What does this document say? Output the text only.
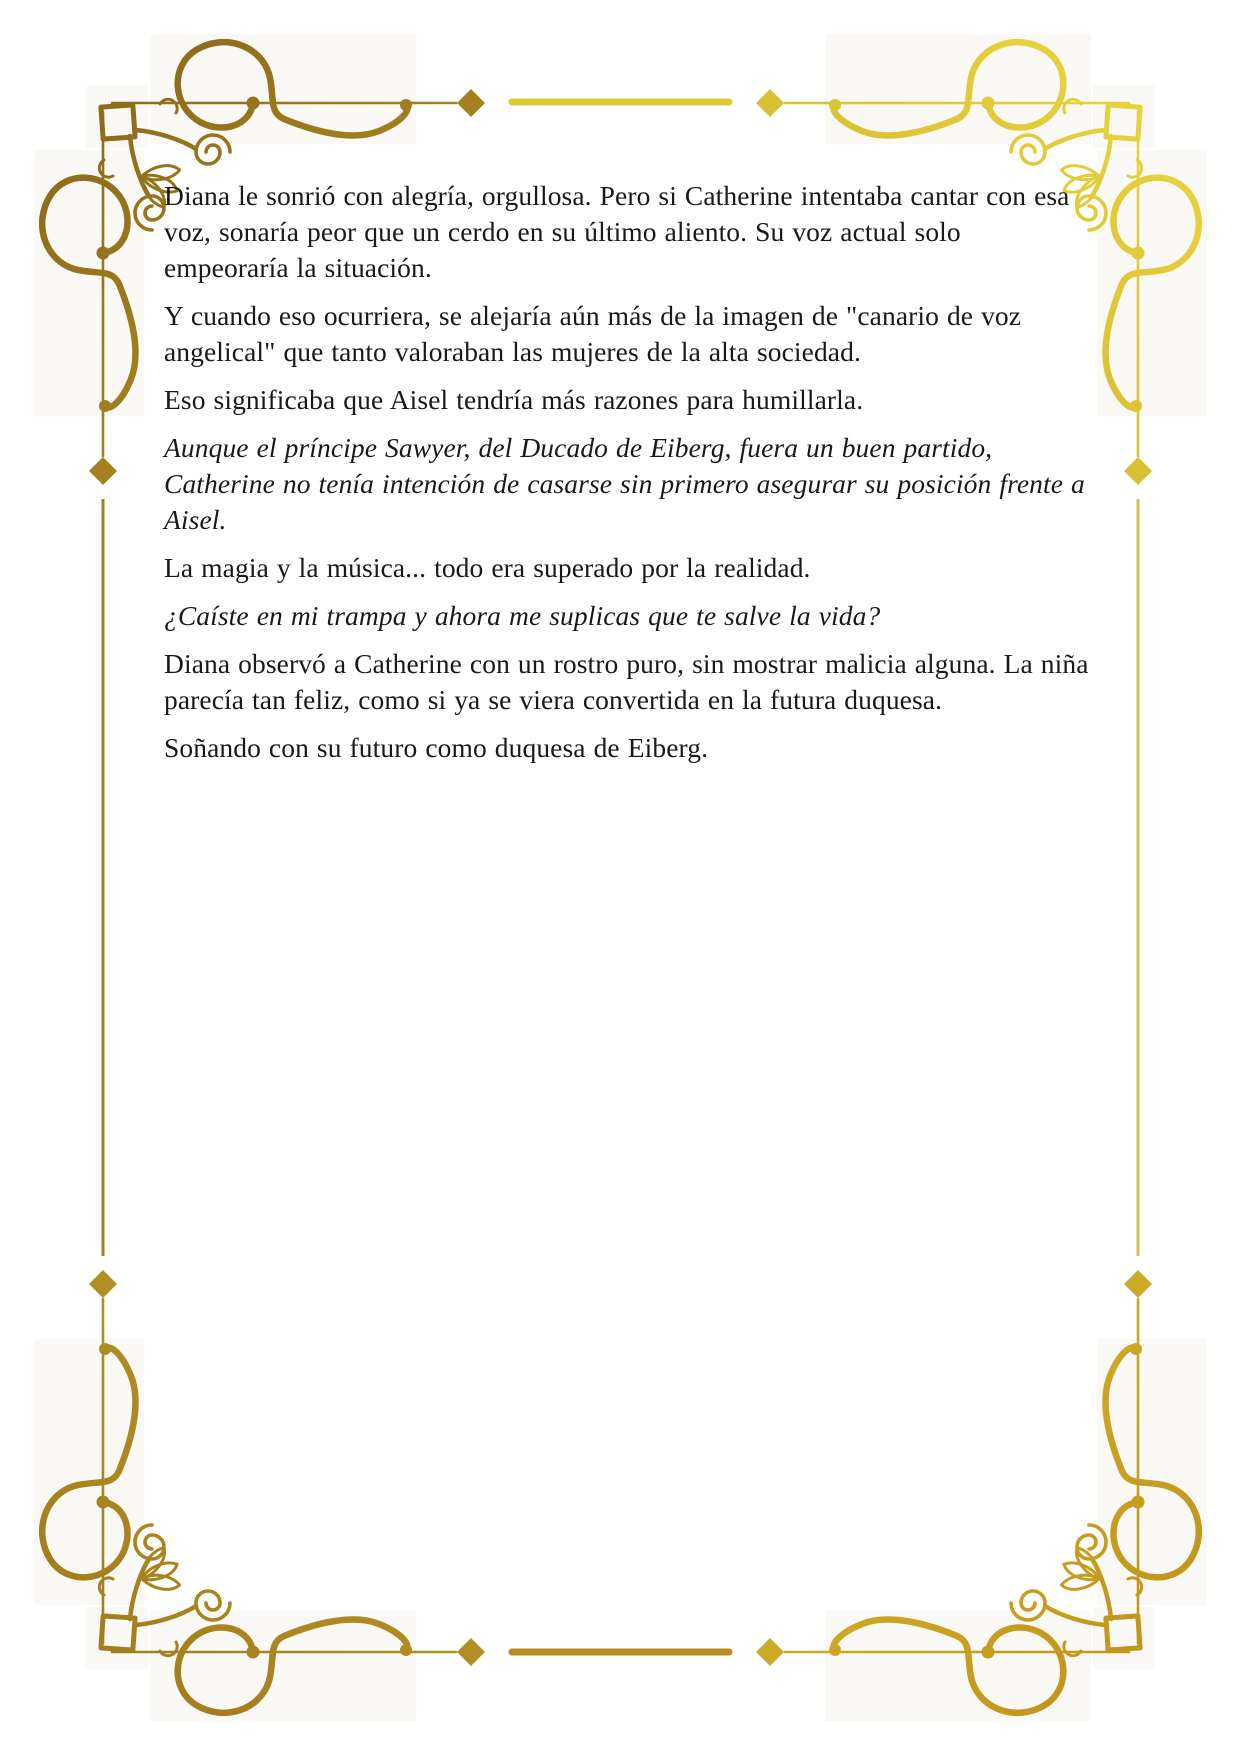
Diana le sonrió con alegría, orgullosa. Pero si Catherine intentaba cantar con esa voz, sonaría peor que un cerdo en su último aliento. Su voz actual solo empeoraría la situación.

Y cuando eso ocurriera, se alejaría aún más de la imagen de "canario de voz angelical" que tanto valoraban las mujeres de la alta sociedad.

Eso significaba que Aisel tendría más razones para humillarla.

Aunque el príncipe Sawyer, del Ducado de Eiberg, fuera un buen partido, Catherine no tenía intención de casarse sin primero asegurar su posición frente a Aisel.

La magia y la música... todo era superado por la realidad.

¿Caíste en mi trampa y ahora me suplicas que te salve la vida?

Diana observó a Catherine con un rostro puro, sin mostrar malicia alguna. La niña parecía tan feliz, como si ya se viera convertida en la futura duquesa.

Soñando con su futuro como duquesa de Eiberg.
